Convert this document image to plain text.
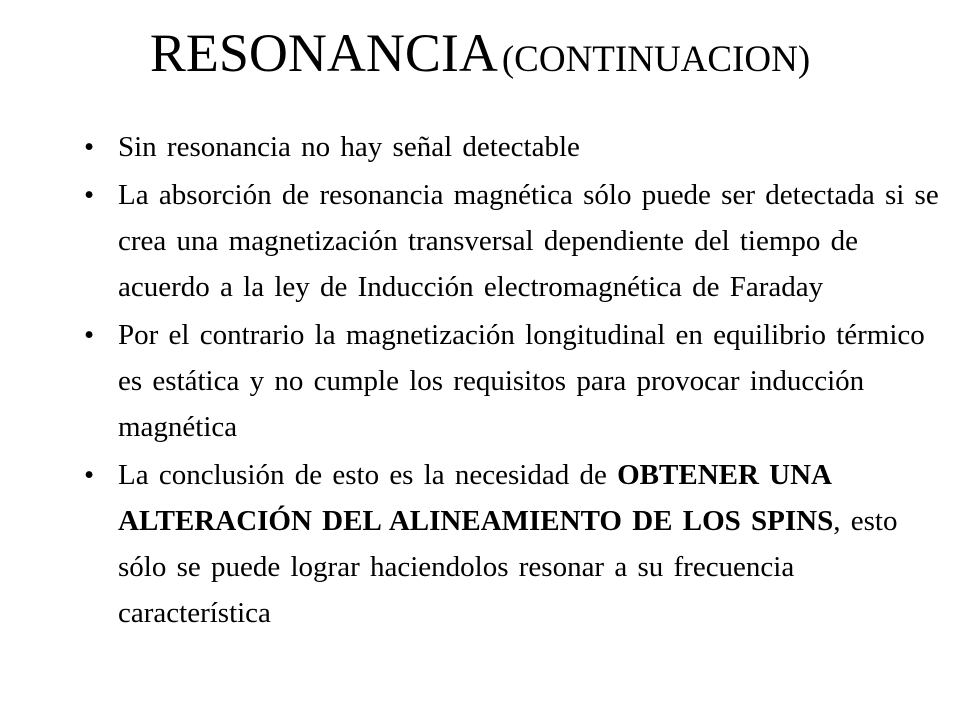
RESONANCIA (CONTINUACION)
• Sin resonancia no hay señal detectable
• La absorción de resonancia magnética sólo puede ser detectada si se crea una magnetización transversal dependiente del tiempo de acuerdo a la ley de Inducción electromagnética de Faraday
• Por el contrario la magnetización longitudinal en equilibrio térmico es estática y no cumple los requisitos para provocar inducción magnética
• La conclusión de esto es la necesidad de OBTENER UNA ALTERACIÓN DEL ALINEAMIENTO DE LOS SPINS, esto sólo se puede lograr haciendolos resonar a su frecuencia característica
